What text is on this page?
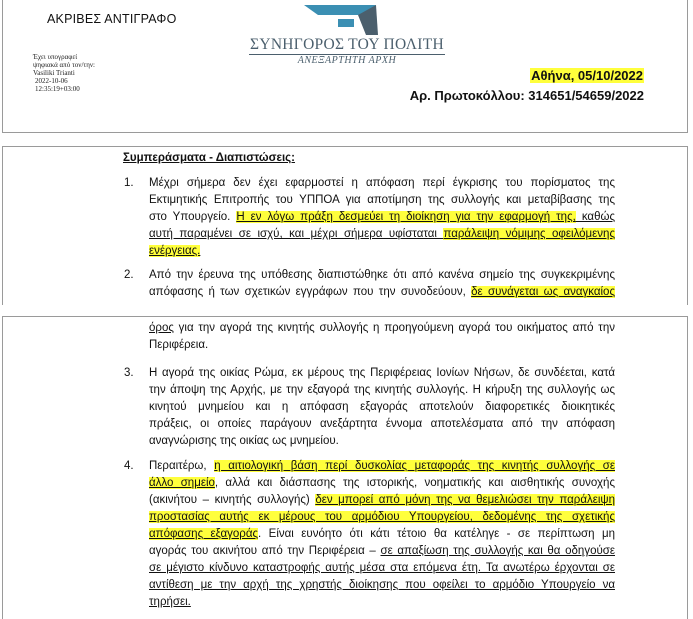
ΑΚΡΙΒΕΣ ΑΝΤΙΓΡΑΦΟ
Έχει υπογραφεί
ψηφιακά από τον/την:
Vasiliki Trianti
2022-10-06
12:35:19+03:00
ΣΥΝΗΓΟΡΟΣ ΤΟΥ ΠΟΛΙΤΗ
ΑΝΕΞΑΡΤΗΤΗ ΑΡΧΗ
Αθήνα, 05/10/2022
Αρ. Πρωτοκόλλου: 314651/54659/2022
Συμπεράσματα - Διαπιστώσεις:
1.	Μέχρι σήμερα δεν έχει εφαρμοστεί η απόφαση περί έγκρισης του πορίσματος της
Εκτιμητικής Επιτροπής του ΥΠΠΟΑ για αποτίμηση της συλλογής και μεταβίβασης της
στο Υπουργείο. Η εν λόγω πράξη δεσμεύει τη διοίκηση για την εφαρμογή της, καθώς
αυτή παραμένει σε ισχύ, και μέχρι σήμερα υφίσταται παράλειψη νόμιμης οφειλόμενης
ενέργειας.
2.	Από την έρευνα της υπόθεσης διαπιστώθηκε ότι από κανένα σημείο της συγκεκριμένης
απόφασης ή των σχετικών εγγράφων που την συνοδεύουν, δε συνάγεται ως αναγκαίος
όρος για την αγορά της κινητής συλλογής η προηγούμενη αγορά του οικήματος από την
Περιφέρεια.
3.	Η αγορά της οικίας Ρώμα, εκ μέρους της Περιφέρειας Ιονίων Νήσων, δε συνδέεται, κατά
την άποψη της Αρχής, με την εξαγορά της κινητής συλλογής. Η κήρυξη της συλλογής ως
κινητού μνημείου και η απόφαση εξαγοράς αποτελούν διαφορετικές διοικητικές
πράξεις, οι οποίες παράγουν ανεξάρτητα έννομα αποτελέσματα από την απόφαση
αναγνώρισης της οικίας ως μνημείου.
4.	Περαιτέρω, η αιτιολογική βάση περί δυσκολίας μεταφοράς της κινητής συλλογής σε
άλλο σημείο, αλλά και διάσπασης της ιστορικής, νοηματικής και αισθητικής συνοχής
(ακινήτου – κινητής συλλογής) δεν μπορεί από μόνη της να θεμελιώσει την παράλειψη
προστασίας αυτής εκ μέρους του αρμόδιου Υπουργείου, δεδομένης της σχετικής
απόφασης εξαγοράς. Είναι ευνόητο ότι κάτι τέτοιο θα κατέληγε - σε περίπτωση μη
αγοράς του ακινήτου από την Περιφέρεια – σε απαξίωση της συλλογής και θα οδηγούσε
σε μέγιστο κίνδυνο καταστροφής αυτής μέσα στα επόμενα έτη. Τα ανωτέρω έρχονται σε
αντίθεση με την αρχή της χρηστής διοίκησης που οφείλει το αρμόδιο Υπουργείο να
τηρήσει.
